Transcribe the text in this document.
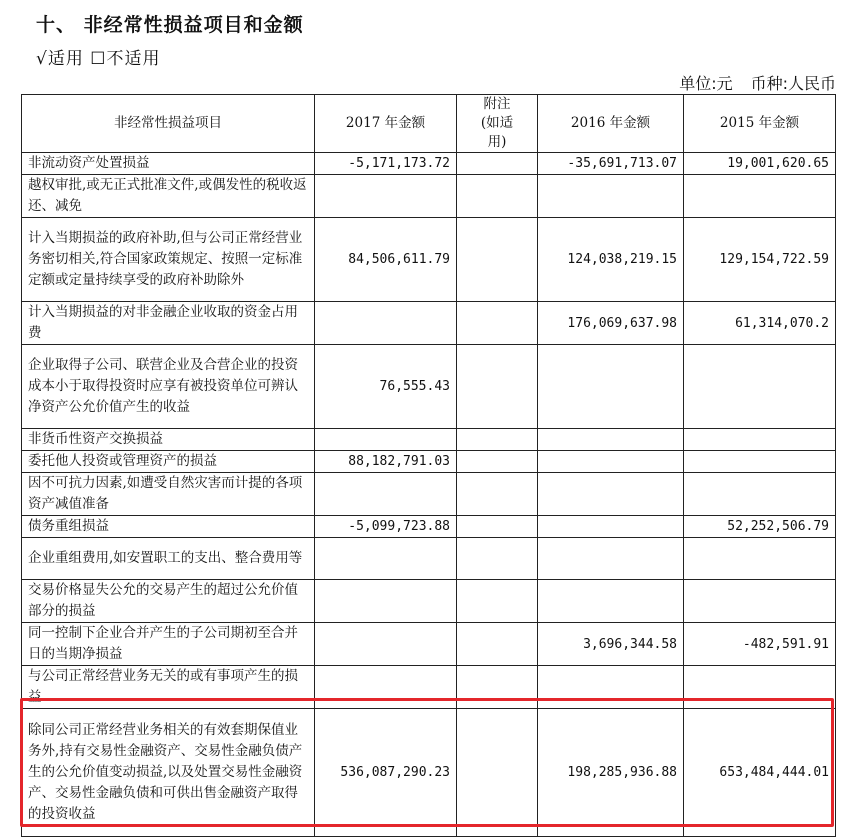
十、 非经常性损益项目和金额
√适用 ☐不适用
单位:元 币种:人民币
非经常性损益项目	2017 年金额	附注(如适用)	2016 年金额	2015 年金额
非流动资产处置损益	-5,171,173.72		-35,691,713.07	19,001,620.65
越权审批,或无正式批准文件,或偶发性的税收返还、减免				
计入当期损益的政府补助,但与公司正常经营业务密切相关,符合国家政策规定、按照一定标准定额或定量持续享受的政府补助除外	84,506,611.79		124,038,219.15	129,154,722.59
计入当期损益的对非金融企业收取的资金占用费			176,069,637.98	61,314,070.2
企业取得子公司、联营企业及合营企业的投资成本小于取得投资时应享有被投资单位可辨认净资产公允价值产生的收益	76,555.43			
非货币性资产交换损益				
委托他人投资或管理资产的损益	88,182,791.03			
因不可抗力因素,如遭受自然灾害而计提的各项资产减值准备				
债务重组损益	-5,099,723.88			52,252,506.79
企业重组费用,如安置职工的支出、整合费用等				
交易价格显失公允的交易产生的超过公允价值部分的损益				
同一控制下企业合并产生的子公司期初至合并日的当期净损益			3,696,344.58	-482,591.91
与公司正常经营业务无关的或有事项产生的损益				
除同公司正常经营业务相关的有效套期保值业务外,持有交易性金融资产、交易性金融负债产生的公允价值变动损益,以及处置交易性金融资产、交易性金融负债和可供出售金融资产取得的投资收益	536,087,290.23		198,285,936.88	653,484,444.01
